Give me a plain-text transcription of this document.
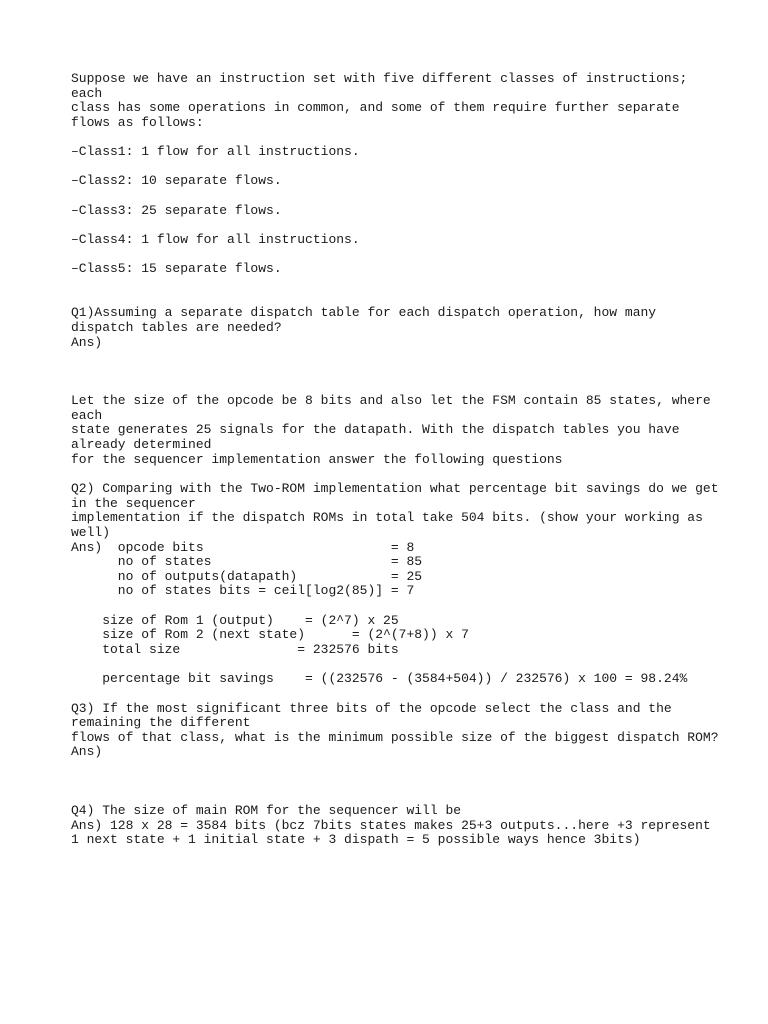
Suppose we have an instruction set with five different classes of instructions;
each
class has some operations in common, and some of them require further separate
flows as follows:
–Class1: 1 flow for all instructions.
–Class2: 10 separate flows.
–Class3: 25 separate flows.
–Class4: 1 flow for all instructions.
–Class5: 15 separate flows.
Q1)Assuming a separate dispatch table for each dispatch operation, how many
dispatch tables are needed?
Ans)
Let the size of the opcode be 8 bits and also let the FSM contain 85 states, where
each
state generates 25 signals for the datapath. With the dispatch tables you have
already determined
for the sequencer implementation answer the following questions
Q2) Comparing with the Two-ROM implementation what percentage bit savings do we get
in the sequencer
implementation if the dispatch ROMs in total take 504 bits. (show your working as
well)
Ans)  opcode bits                        = 8
no of states                       = 85
no of outputs(datapath)            = 25
no of states bits = ceil[log2(85)] = 7
size of Rom 1 (output)    = (2^7) x 25
size of Rom 2 (next state)      = (2^(7+8)) x 7
total size               = 232576 bits
percentage bit savings    = ((232576 - (3584+504)) / 232576) x 100 = 98.24%
Q3) If the most significant three bits of the opcode select the class and the
remaining the different
flows of that class, what is the minimum possible size of the biggest dispatch ROM?
Ans)
Q4) The size of main ROM for the sequencer will be
Ans) 128 x 28 = 3584 bits (bcz 7bits states makes 25+3 outputs...here +3 represent
1 next state + 1 initial state + 3 dispath = 5 possible ways hence 3bits)
